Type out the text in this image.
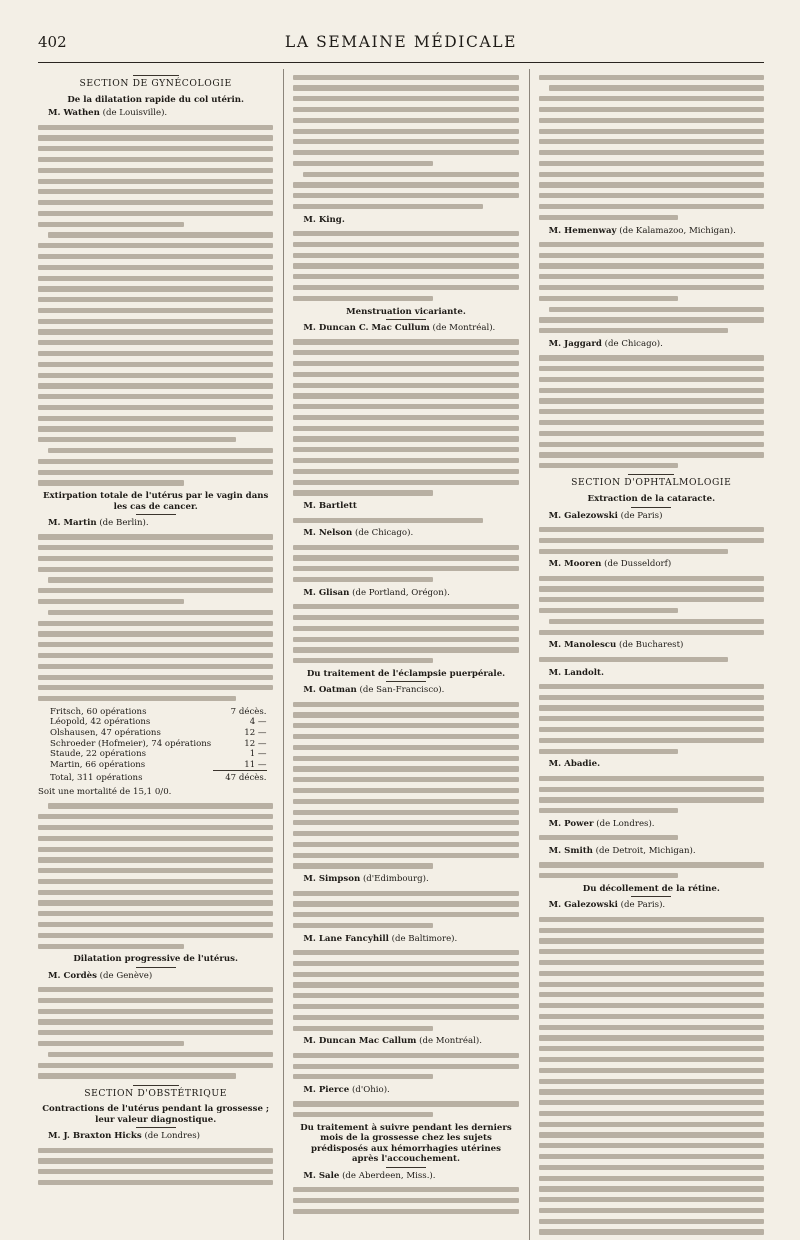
402	LA SEMAINE MÉDICALE
SECTION DE GYNÉCOLOGIE
De la dilatation rapide du col utérin.

M. Wathen (de Louisville).

Extirpation totale de l'utérus par le vagin dans les cas de cancer.

M. Martin (de Berlin).

Fritsch, 60 opérations	7 décès.
Léopold, 42 opérations	4 —
Olshausen, 47 opérations	12 —
Schroeder (Hofmeier), 74 opérations	12 —
Staude, 22 opérations	1 —
Martin, 66 opérations	11 —
Total, 311 opérations	47 décès.

Soit une mortalité de 15,1 0/0.

Dilatation progressive de l'utérus.

M. Cordès (de Genève)

SECTION D'OBSTÉTRIQUE
Contractions de l'utérus pendant la grossesse ; leur valeur diagnostique.

M. J. Braxton Hicks (de Londres)

M. King.

Menstruation vicariante.

M. Duncan C. Mac Cullum (de Montréal).

M. Bartlett

M. Nelson (de Chicago).

M. Glisan (de Portland, Orégon).

Du traitement de l'éclampsie puerpérale.

M. Oatman (de San-Francisco).

M. Simpson (d'Edimbourg).

M. Lane Fancyhill (de Baltimore).

M. Duncan Mac Callum (de Montréal).

M. Pierce (d'Ohio).

Du traitement à suivre pendant les derniers mois de la grossesse chez les sujets prédisposés aux hémorrhagies utérines après l'accouchement.

M. Sale (de Aberdeen, Miss.).

M. Hemenway (de Kalamazoo, Michigan).

M. Jaggard (de Chicago).

SECTION D'OPHTALMOLOGIE
Extraction de la cataracte.

M. Galezowski (de Paris)

M. Mooren (de Dusseldorf)

M. Manolescu (de Bucharest)

M. Landolt.

M. Abadie.

M. Power (de Londres).

M. Smith (de Detroit, Michigan).

Du décollement de la rétine.

M. Galezowski (de Paris).
